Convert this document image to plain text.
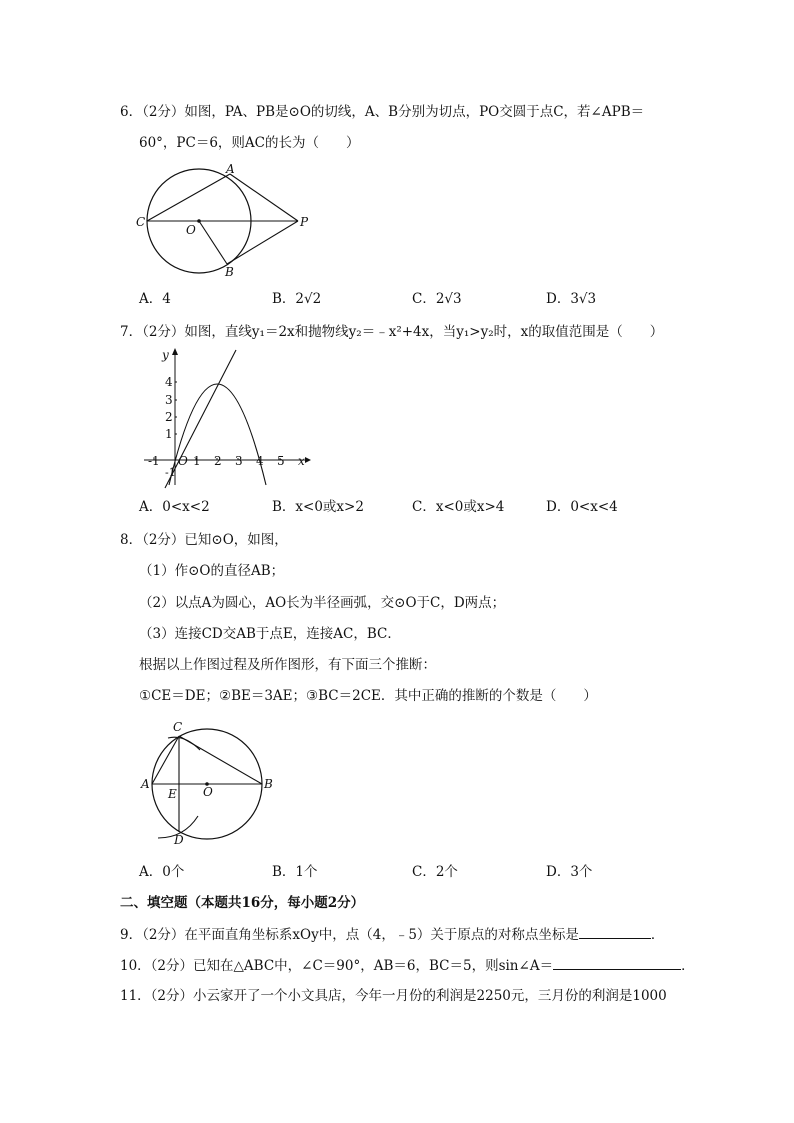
6．（2分）如图，PA、PB是⊙O的切线，A、B分别为切点，PO交圆于点C，若∠APB＝
60°，PC＝6，则AC的长为（　　）
A
C
O
P
B
A．4	B．2√2	C．2√3	D．3√3
7．（2分）如图，直线y₁＝2x和抛物线y₂＝﹣x²+4x，当y₁>y₂时，x的取值范围是（　　）
y
x
O
-1	1 2 3 4 5
1
2
3
4
-1
A．0<x<2	B．x<0或x>2	C．x<0或x>4	D．0<x<4
8．（2分）已知⊙O，如图，
（1）作⊙O的直径AB；
（2）以点A为圆心，AO长为半径画弧，交⊙O于C，D两点；
（3）连接CD交AB于点E，连接AC，BC．
根据以上作图过程及所作图形，有下面三个推断：
①CE＝DE；②BE＝3AE；③BC＝2CE．其中正确的推断的个数是（　　）
C
A	B
E O
D
A．0个	B．1个	C．2个	D．3个
二、填空题（本题共16分，每小题2分）
9．（2分）在平面直角坐标系xOy中，点（4，﹣5）关于原点的对称点坐标是	．
10．（2分）已知在△ABC中，∠C＝90°，AB＝6，BC＝5，则sin∠A＝	．
11．（2分）小云家开了一个小文具店，今年一月份的利润是2250元，三月份的利润是1000
